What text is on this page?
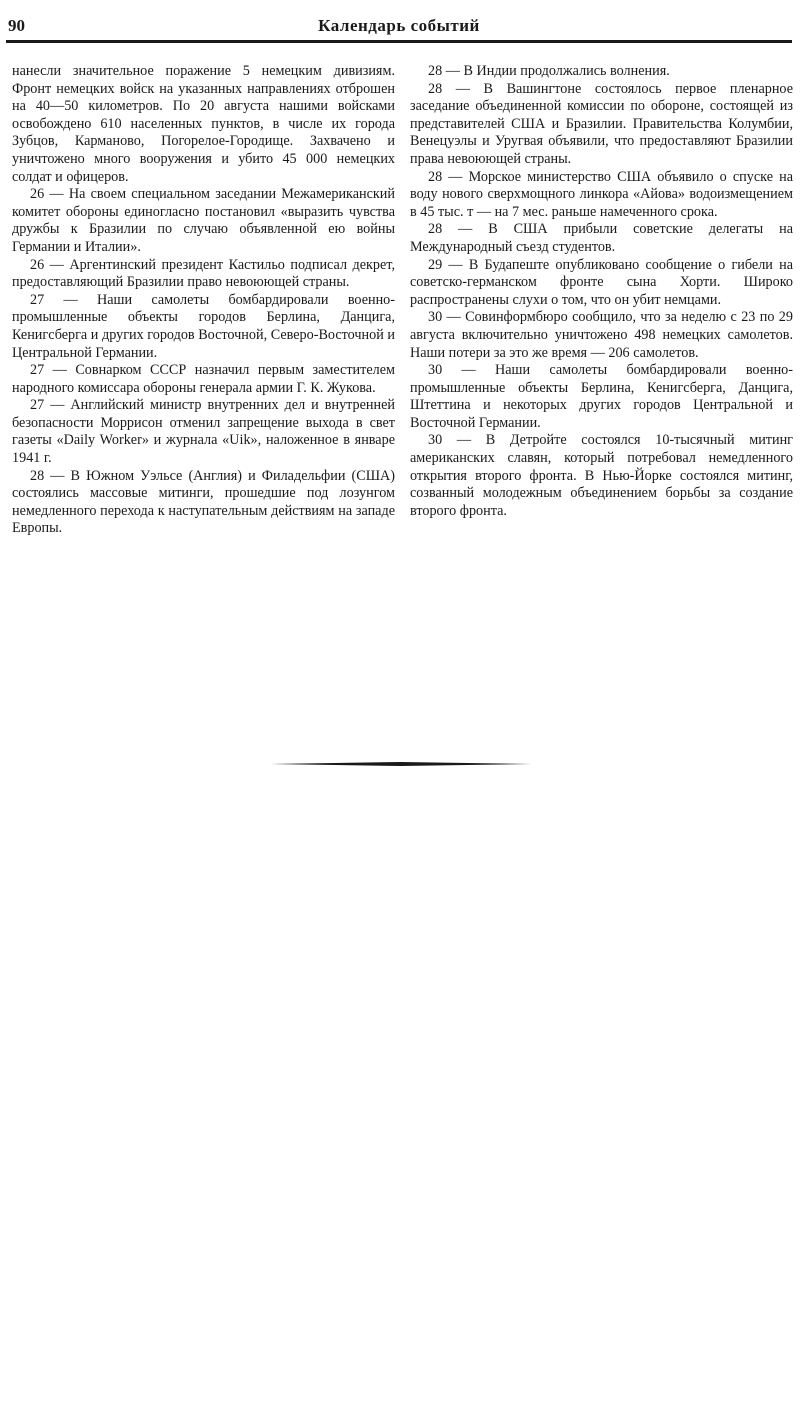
90	Календарь событий

нанесли значительное поражение 5 немецким дивизиям. Фронт немецких войск на указанных направлениях отброшен на 40—50 километров. По 20 августа нашими войсками освобождено 610 населенных пунктов, в числе их города Зубцов, Карманово, Погорелое-Городище. Захвачено и уничтожено много вооружения и убито 45 000 немецких солдат и офицеров.

26 — На своем специальном заседании Межамериканский комитет обороны единогласно постановил «выразить чувства дружбы к Бразилии по случаю объявленной ею войны Германии и Италии».

26 — Аргентинский президент Кастильо подписал декрет, предоставляющий Бразилии право невоюющей страны.

27 — Наши самолеты бомбардировали военно-промышленные объекты городов Берлина, Данцига, Кенигсберга и других городов Восточной, Северо-Восточной и Центральной Германии.

27 — Совнарком СССР назначил первым заместителем народного комиссара обороны генерала армии Г. К. Жукова.

27 — Английский министр внутренних дел и внутренней безопасности Моррисон отменил запрещение выхода в свет газеты «Daily Worker» и журнала «Uik», наложенное в январе 1941 г.

28 — В Южном Уэльсе (Англия) и Филадельфии (США) состоялись массовые митинги, прошедшие под лозунгом немедленного перехода к наступательным действиям на западе Европы.

28 — В Индии продолжались волнения.

28 — В Вашингтоне состоялось первое пленарное заседание объединенной комиссии по обороне, состоящей из представителей США и Бразилии. Правительства Колумбии, Венецуэлы и Уругвая объявили, что предоставляют Бразилии права невоюющей страны.

28 — Морское министерство США объявило о спуске на воду нового сверхмощного линкора «Айова» водоизмещением в 45 тыс. т — на 7 мес. раньше намеченного срока.

28 — В США прибыли советские делегаты на Международный съезд студентов.

29 — В Будапеште опубликовано сообщение о гибели на советско-германском фронте сына Хорти. Широко распространены слухи о том, что он убит немцами.

30 — Совинформбюро сообщило, что за неделю с 23 по 29 августа включительно уничтожено 498 немецких самолетов. Наши потери за это же время — 206 самолетов.

30 — Наши самолеты бомбардировали военно-промышленные объекты Берлина, Кенигсберга, Данцига, Штеттина и некоторых других городов Центральной и Восточной Германии.

30 — В Детройте состоялся 10-тысячный митинг американских славян, который потребовал немедленного открытия второго фронта. В Нью-Йорке состоялся митинг, созванный молодежным объединением борьбы за создание второго фронта.
